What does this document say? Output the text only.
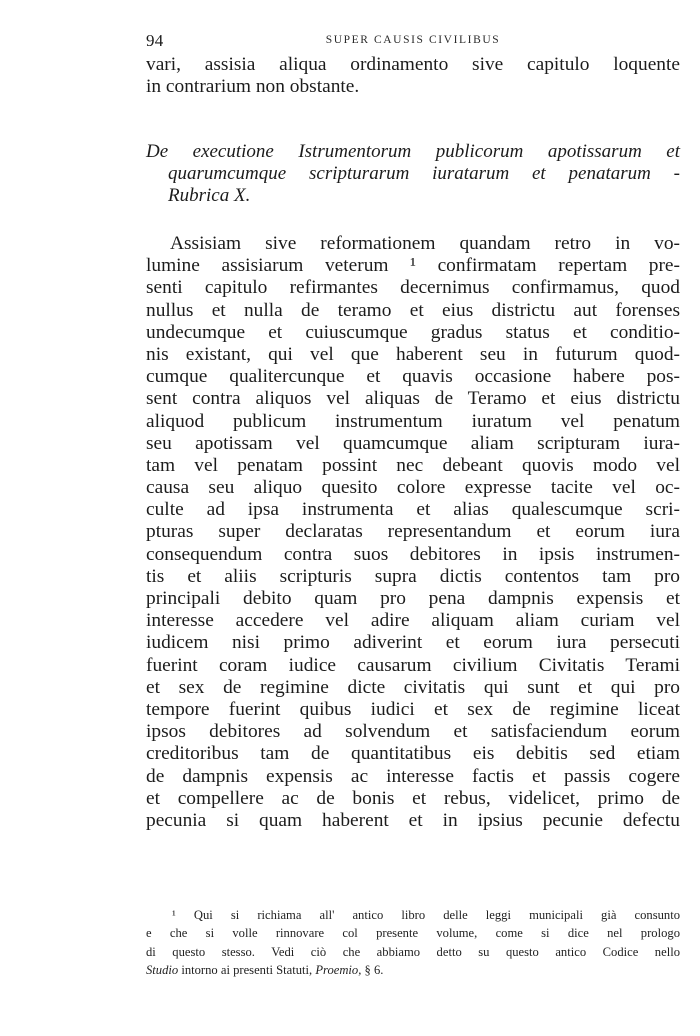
94	SUPER CAUSIS CIVILIBUS
vari, assisia aliqua ordinamento sive capitulo loquente
in contrarium non obstante.
De executione Istrumentorum publicorum apotissarum et
quarumcumque scripturarum iuratarum et penatarum -
Rubrica X.
Assisiam sive reformationem quandam retro in vo-
lumine assisiarum veterum ¹ confirmatam repertam pre-
senti capitulo refirmantes decernimus confirmamus, quod
nullus et nulla de teramo et eius districtu aut forenses
undecumque et cuiuscumque gradus status et conditio-
nis existant, qui vel que haberent seu in futurum quod-
cumque qualitercunque et quavis occasione habere pos-
sent contra aliquos vel aliquas de Teramo et eius districtu
aliquod publicum instrumentum iuratum vel penatum
seu apotissam vel quamcumque aliam scripturam iura-
tam vel penatam possint nec debeant quovis modo vel
causa seu aliquo quesito colore expresse tacite vel oc-
culte ad ipsa instrumenta et alias qualescumque scri-
pturas super declaratas representandum et eorum iura
consequendum contra suos debitores in ipsis instrumen-
tis et aliis scripturis supra dictis contentos tam pro
principali debito quam pro pena dampnis expensis et
interesse accedere vel adire aliquam aliam curiam vel
iudicem nisi primo adiverint et eorum iura persecuti
fuerint coram iudice causarum civilium Civitatis Terami
et sex de regimine dicte civitatis qui sunt et qui pro
tempore fuerint quibus iudici et sex de regimine liceat
ipsos debitores ad solvendum et satisfaciendum eorum
creditoribus tam de quantitatibus eis debitis sed etiam
de dampnis expensis ac interesse factis et passis cogere
et compellere ac de bonis et rebus, videlicet, primo de
pecunia si quam haberent et in ipsius pecunie defectu
¹ Qui si richiama all' antico libro delle leggi municipali già consunto
e che si volle rinnovare col presente volume, come si dice nel prologo
di questo stesso. Vedi ciò che abbiamo detto su questo antico Codice nello
Studio intorno ai presenti Statuti, Proemio, § 6.
